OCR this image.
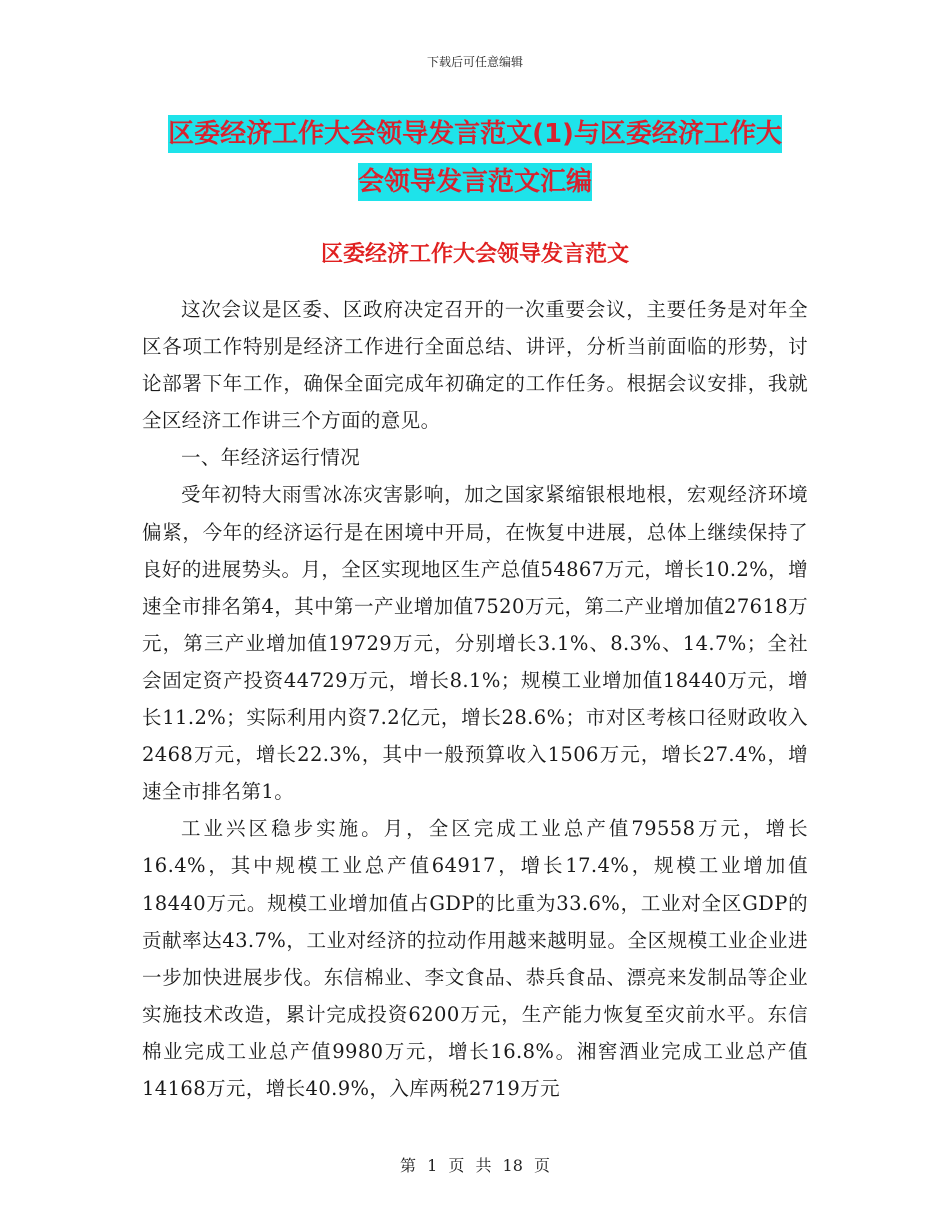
下载后可任意编辑
区委经济工作大会领导发言范文(1)与区委经济工作大
会领导发言范文汇编
区委经济工作大会领导发言范文

这次会议是区委、区政府决定召开的一次重要会议，主要任务是对年全区各项工作特别是经济工作进行全面总结、讲评，分析当前面临的形势，讨论部署下年工作，确保全面完成年初确定的工作任务。根据会议安排，我就全区经济工作讲三个方面的意见。

一、年经济运行情况

受年初特大雨雪冰冻灾害影响，加之国家紧缩银根地根，宏观经济环境偏紧，今年的经济运行是在困境中开局，在恢复中进展，总体上继续保持了良好的进展势头。月，全区实现地区生产总值54867万元，增长10.2%，增速全市排名第4，其中第一产业增加值7520万元，第二产业增加值27618万元，第三产业增加值19729万元，分别增长3.1%、8.3%、14.7%；全社会固定资产投资44729万元，增长8.1%；规模工业增加值18440万元，增长11.2%；实际利用内资7.2亿元，增长28.6%；市对区考核口径财政收入2468万元，增长22.3%，其中一般预算收入1506万元，增长27.4%，增速全市排名第1。

工业兴区稳步实施。月，全区完成工业总产值79558万元，增长16.4%，其中规模工业总产值64917，增长17.4%，规模工业增加值18440万元。规模工业增加值占GDP的比重为33.6%，工业对全区GDP的贡献率达43.7%，工业对经济的拉动作用越来越明显。全区规模工业企业进一步加快进展步伐。东信棉业、李文食品、恭兵食品、漂亮来发制品等企业实施技术改造，累计完成投资6200万元，生产能力恢复至灾前水平。东信棉业完成工业总产值9980万元，增长16.8%。湘窖酒业完成工业总产值14168万元，增长40.9%，入库两税2719万元

第 1 页 共 18 页
